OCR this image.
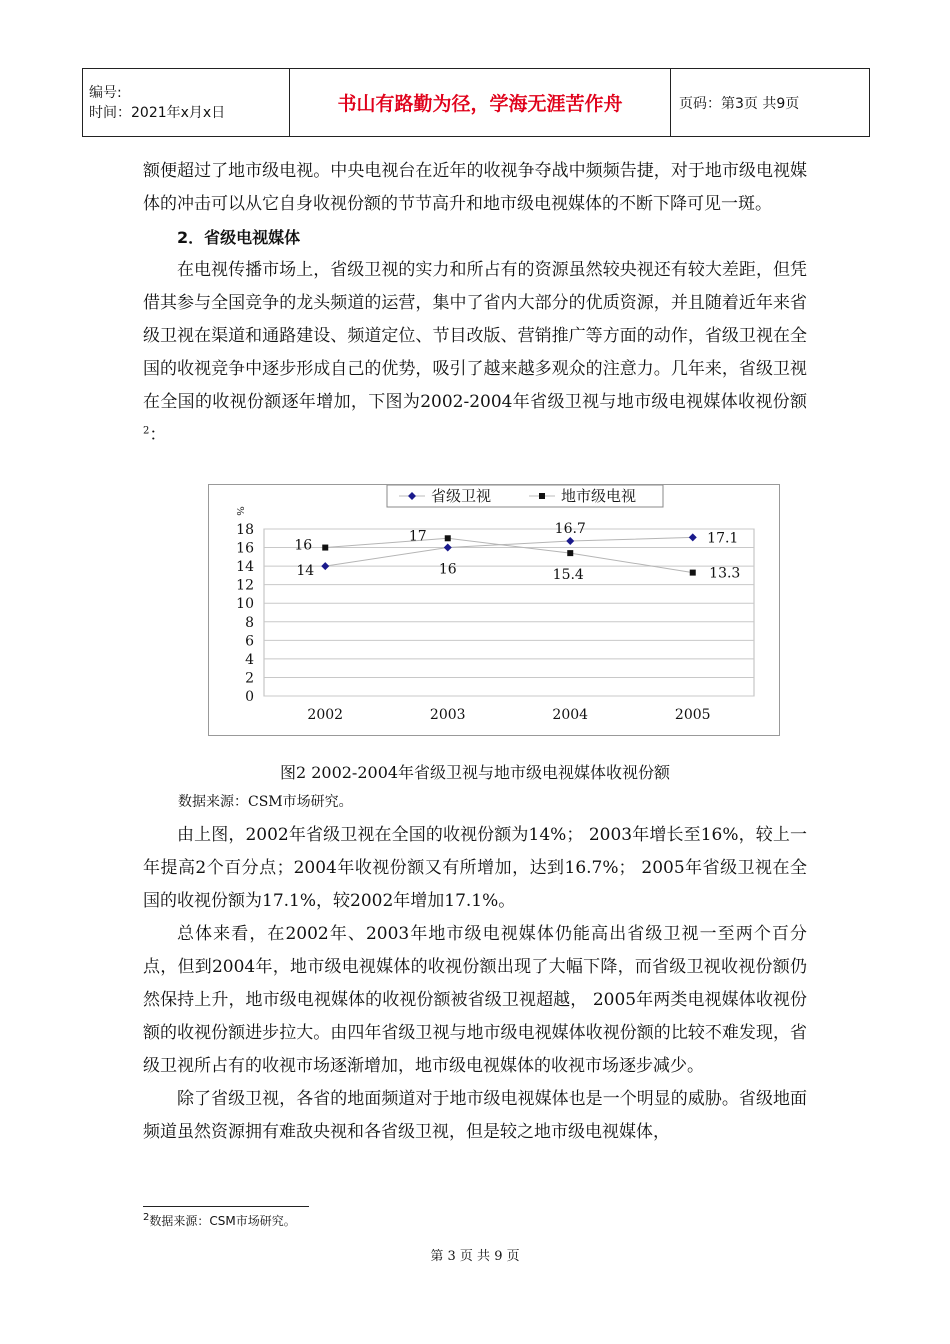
编号:
时间：2021年x月x日	书山有路勤为径，学海无涯苦作舟	页码：第3页 共9页

额便超过了地市级电视。中央电视台在近年的收视争夺战中频频告捷，对于地市级电视媒体的冲击可以从它自身收视份额的节节高升和地市级电视媒体的不断下降可见一斑。

2．省级电视媒体

在电视传播市场上，省级卫视的实力和所占有的资源虽然较央视还有较大差距，但凭借其参与全国竞争的龙头频道的运营，集中了省内大部分的优质资源，并且随着近年来省级卫视在渠道和通路建设、频道定位、节目改版、营销推广等方面的动作，省级卫视在全国的收视竞争中逐步形成自己的优势，吸引了越来越多观众的注意力。几年来，省级卫视在全国的收视份额逐年增加，下图为2002-2004年省级卫视与地市级电视媒体收视份额$^2$：

0
2
4
6
8
10
12
14
16
18
%
2002	2003	2004	2005
省级卫视	地市级电视
14	16
16.7
17.1
16
17
15.4	13.3
图2 2002-2004年省级卫视与地市级电视媒体收视份额
数据来源：CSM市场研究。

由上图，2002年省级卫视在全国的收视份额为14%； 2003年增长至16%，较上一年提高2个百分点；2004年收视份额又有所增加，达到16.7%； 2005年省级卫视在全国的收视份额为17.1%，较2002年增加17.1%。

总体来看，在2002年、2003年地市级电视媒体仍能高出省级卫视一至两个百分点，但到2004年，地市级电视媒体的收视份额出现了大幅下降，而省级卫视收视份额仍然保持上升，地市级电视媒体的收视份额被省级卫视超越， 2005年两类电视媒体收视份额的收视份额进步拉大。由四年省级卫视与地市级电视媒体收视份额的比较不难发现，省级卫视所占有的收视市场逐渐增加，地市级电视媒体的收视市场逐步减少。

除了省级卫视，各省的地面频道对于地市级电视媒体也是一个明显的威胁。省级地面频道虽然资源拥有难敌央视和各省级卫视，但是较之地市级电视媒体，

$^2$数据来源：CSM市场研究。
第 3 页 共 9 页
